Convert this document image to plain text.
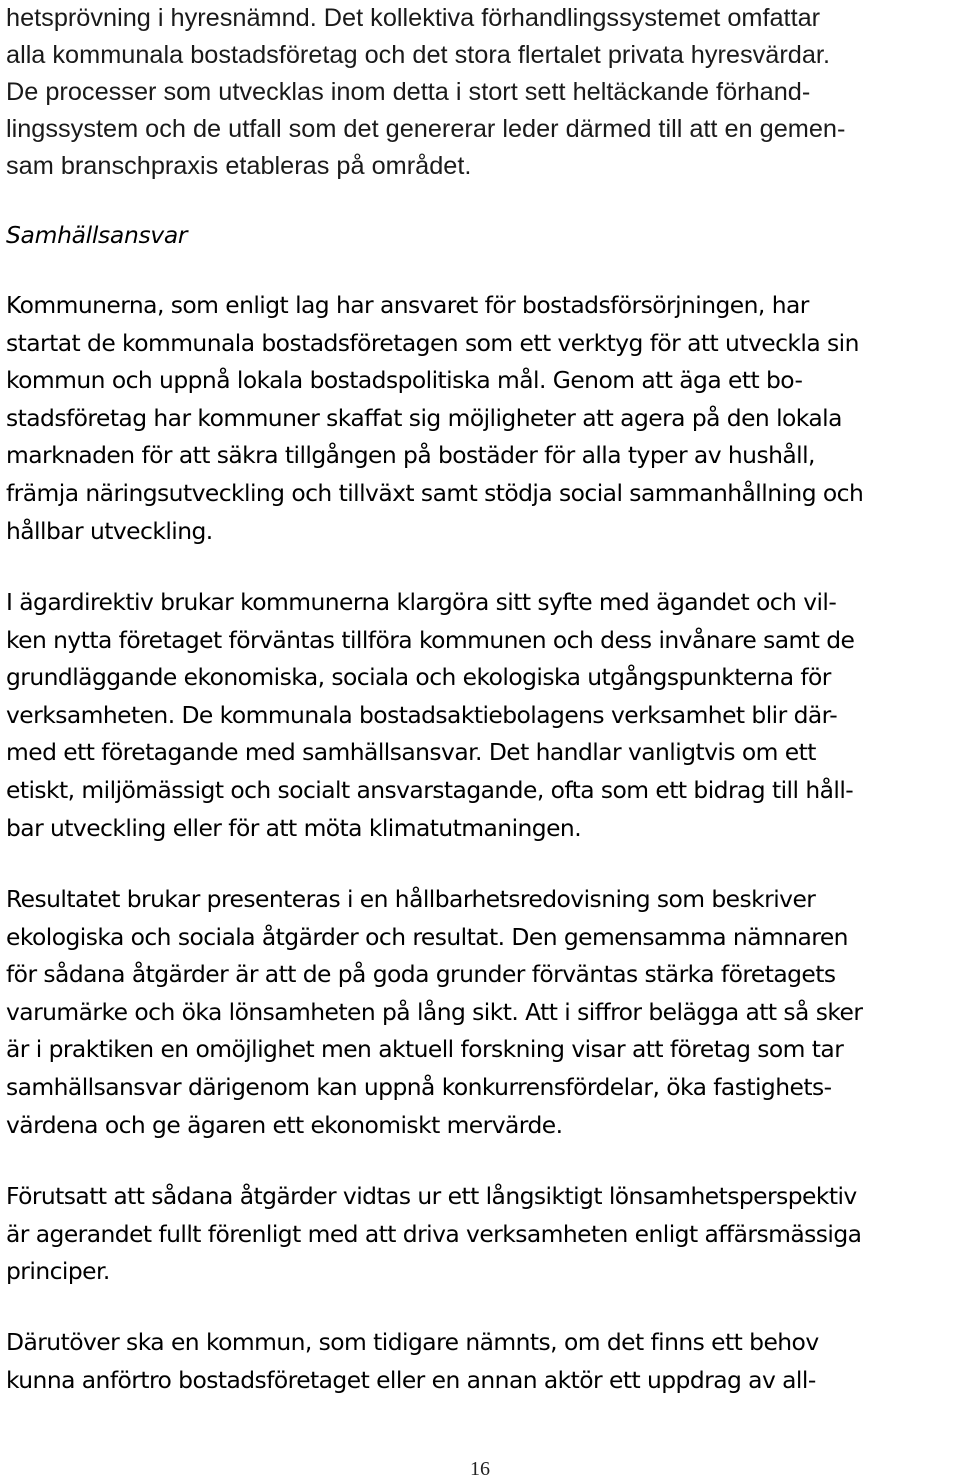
hetsprövning i hyresnämnd. Det kollektiva förhandlingssystemet omfattar
alla kommunala bostadsföretag och det stora flertalet privata hyresvärdar.
De processer som utvecklas inom detta i stort sett heltäckande förhand-
lingssystem och de utfall som det genererar leder därmed till att en gemen-
sam branschpraxis etableras på området.
Samhällsansvar
Kommunerna, som enligt lag har ansvaret för bostadsförsörjningen, har
startat de kommunala bostadsföretagen som ett verktyg för att utveckla sin
kommun och uppnå lokala bostadspolitiska mål. Genom att äga ett bo-
stadsföretag har kommuner skaffat sig möjligheter att agera på den lokala
marknaden för att säkra tillgången på bostäder för alla typer av hushåll,
främja näringsutveckling och tillväxt samt stödja social sammanhållning och
hållbar utveckling.
I ägardirektiv brukar kommunerna klargöra sitt syfte med ägandet och vil-
ken nytta företaget förväntas tillföra kommunen och dess invånare samt de
grundläggande ekonomiska, sociala och ekologiska utgångspunkterna för
verksamheten. De kommunala bostadsaktiebolagens verksamhet blir där-
med ett företagande med samhällsansvar. Det handlar vanligtvis om ett
etiskt, miljömässigt och socialt ansvarstagande, ofta som ett bidrag till håll-
bar utveckling eller för att möta klimatutmaningen.
Resultatet brukar presenteras i en hållbarhetsredovisning som beskriver
ekologiska och sociala åtgärder och resultat. Den gemensamma nämnaren
för sådana åtgärder är att de på goda grunder förväntas stärka företagets
varumärke och öka lönsamheten på lång sikt. Att i siffror belägga att så sker
är i praktiken en omöjlighet men aktuell forskning visar att företag som tar
samhällsansvar därigenom kan uppnå konkurrensfördelar, öka fastighets-
värdena och ge ägaren ett ekonomiskt mervärde.
Förutsatt att sådana åtgärder vidtas ur ett långsiktigt lönsamhetsperspektiv
är agerandet fullt förenligt med att driva verksamheten enligt affärsmässiga
principer.
Därutöver ska en kommun, som tidigare nämnts, om det finns ett behov
kunna anförtro bostadsföretaget eller en annan aktör ett uppdrag av all-
16
